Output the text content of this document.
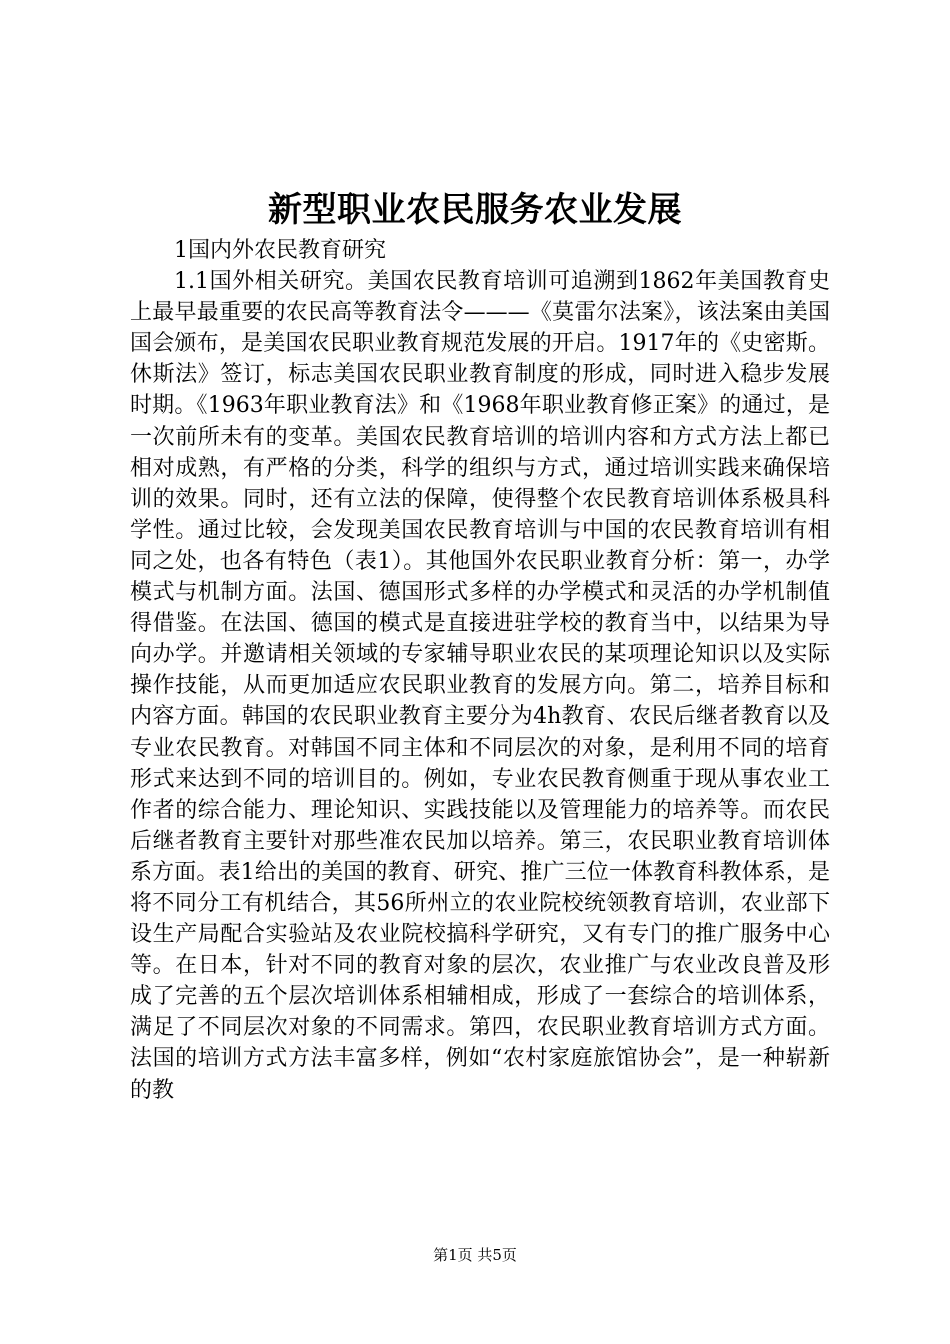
新型职业农民服务农业发展

1国内外农民教育研究

1.1国外相关研究。美国农民教育培训可追溯到1862年美国教育史上最早最重要的农民高等教育法令———《莫雷尔法案》，该法案由美国国会颁布，是美国农民职业教育规范发展的开启。1917年的《史密斯。休斯法》签订，标志美国农民职业教育制度的形成，同时进入稳步发展时期。《1963年职业教育法》和《1968年职业教育修正案》的通过，是一次前所未有的变革。美国农民教育培训的培训内容和方式方法上都已相对成熟，有严格的分类，科学的组织与方式，通过培训实践来确保培训的效果。同时，还有立法的保障，使得整个农民教育培训体系极具科学性。通过比较，会发现美国农民教育培训与中国的农民教育培训有相同之处，也各有特色（表1）。其他国外农民职业教育分析：第一，办学模式与机制方面。法国、德国形式多样的办学模式和灵活的办学机制值得借鉴。在法国、德国的模式是直接进驻学校的教育当中，以结果为导向办学。并邀请相关领域的专家辅导职业农民的某项理论知识以及实际操作技能，从而更加适应农民职业教育的发展方向。第二，培养目标和内容方面。韩国的农民职业教育主要分为4h教育、农民后继者教育以及专业农民教育。对韩国不同主体和不同层次的对象，是利用不同的培育形式来达到不同的培训目的。例如，专业农民教育侧重于现从事农业工作者的综合能力、理论知识、实践技能以及管理能力的培养等。而农民后继者教育主要针对那些准农民加以培养。第三，农民职业教育培训体系方面。表1给出的美国的教育、研究、推广三位一体教育科教体系，是将不同分工有机结合，其56所州立的农业院校统领教育培训，农业部下设生产局配合实验站及农业院校搞科学研究，又有专门的推广服务中心等。在日本，针对不同的教育对象的层次，农业推广与农业改良普及形成了完善的五个层次培训体系相辅相成，形成了一套综合的培训体系，满足了不同层次对象的不同需求。第四，农民职业教育培训方式方面。法国的培训方式方法丰富多样，例如“农村家庭旅馆协会”，是一种崭新的教

第1页 共5页
